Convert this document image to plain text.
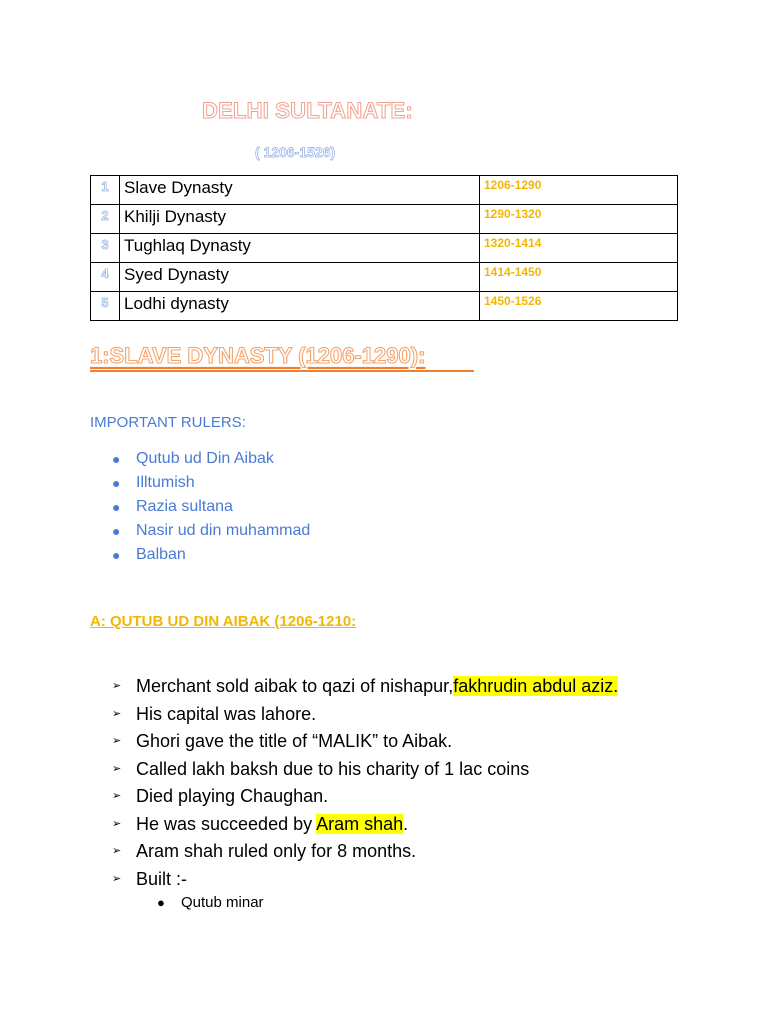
DELHI SULTANATE:
( 1206-1526)
1	Slave Dynasty	1206-1290
2	Khilji Dynasty	1290-1320
3	Tughlaq Dynasty	1320-1414
4	Syed Dynasty	1414-1450
5	Lodhi dynasty	1450-1526
1:SLAVE DYNASTY (1206-1290):
IMPORTANT RULERS:
● Qutub ud Din Aibak
● Illtumish
● Razia sultana
● Nasir ud din muhammad
● Balban
A: QUTUB UD DIN AIBAK (1206-1210:
➢ Merchant sold aibak to qazi of nishapur,fakhrudin abdul aziz.
➢ His capital was lahore.
➢ Ghori gave the title of “MALIK” to Aibak.
➢ Called lakh baksh due to his charity of 1 lac coins
➢ Died playing Chaughan.
➢ He was succeeded by Aram shah.
➢ Aram shah ruled only for 8 months.
➢ Built :-
● Qutub minar
